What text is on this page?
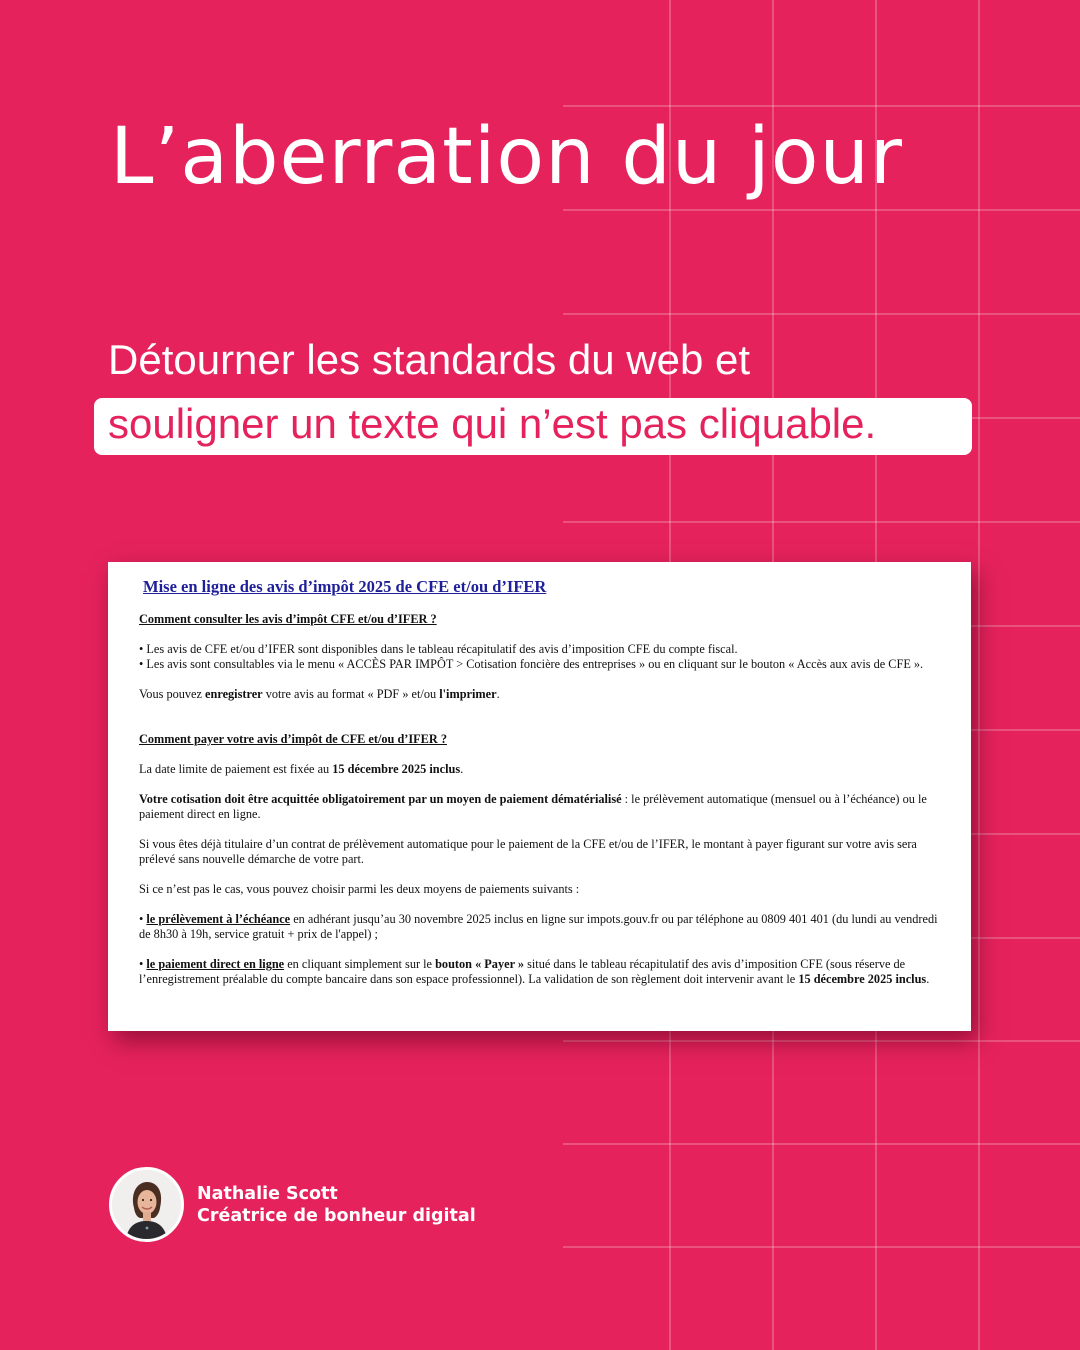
L’aberration du jour
Détourner les standards du web et
souligner un texte qui n’est pas cliquable.
Mise en ligne des avis d’impôt 2025 de CFE et/ou d’IFER
Comment consulter les avis d’impôt CFE et/ou d’IFER ?

• Les avis de CFE et/ou d’IFER sont disponibles dans le tableau récapitulatif des avis d’imposition CFE du compte fiscal.

• Les avis sont consultables via le menu « ACCÈS PAR IMPÔT > Cotisation foncière des entreprises » ou en cliquant sur le bouton « Accès aux avis de CFE ».

Vous pouvez enregistrer votre avis au format « PDF » et/ou l'imprimer.

Comment payer votre avis d’impôt de CFE et/ou d’IFER ?

La date limite de paiement est fixée au 15 décembre 2025 inclus.

Votre cotisation doit être acquittée obligatoirement par un moyen de paiement dématérialisé : le prélèvement automatique (mensuel ou à l’échéance) ou le paiement direct en ligne.

Si vous êtes déjà titulaire d’un contrat de prélèvement automatique pour le paiement de la CFE et/ou de l’IFER, le montant à payer figurant sur votre avis sera prélevé sans nouvelle démarche de votre part.

Si ce n’est pas le cas, vous pouvez choisir parmi les deux moyens de paiements suivants :

• le prélèvement à l’échéance en adhérant jusqu’au 30 novembre 2025 inclus en ligne sur impots.gouv.fr ou par téléphone au 0809 401 401 (du lundi au vendredi de 8h30 à 19h, service gratuit + prix de l'appel) ;

• le paiement direct en ligne en cliquant simplement sur le bouton « Payer » situé dans le tableau récapitulatif des avis d’imposition CFE (sous réserve de l’enregistrement préalable du compte bancaire dans son espace professionnel). La validation de son règlement doit intervenir avant le 15 décembre 2025 inclus.

Nathalie Scott
Créatrice de bonheur digital
